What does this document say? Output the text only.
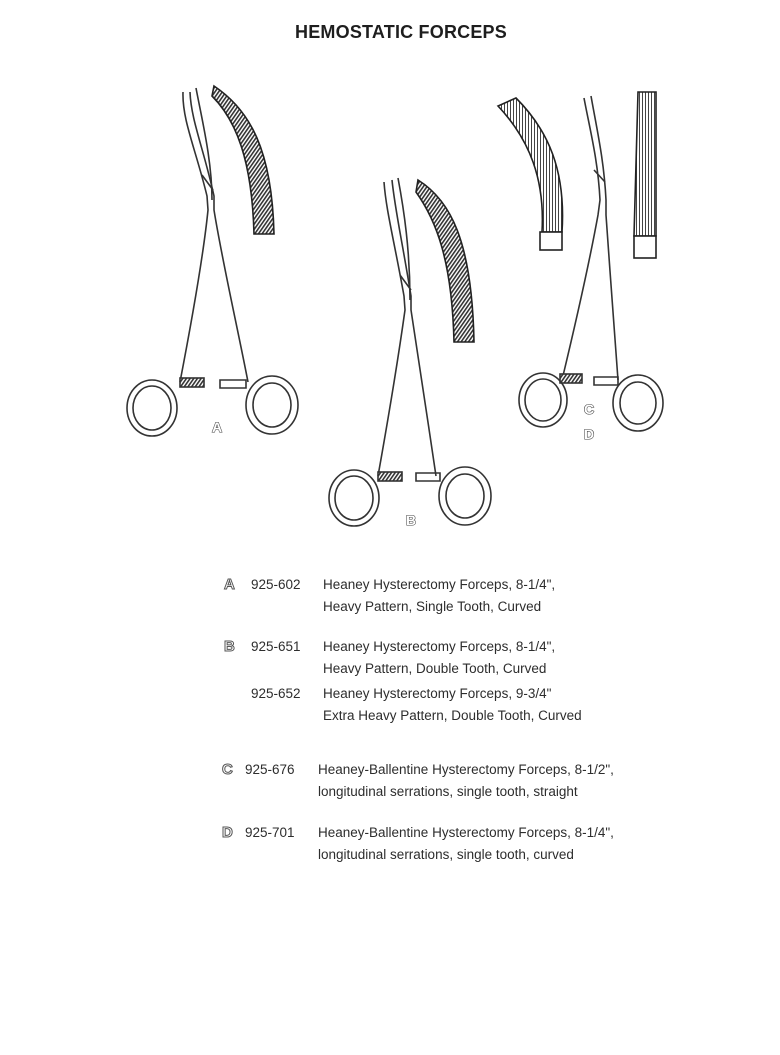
HEMOSTATIC FORCEPS
A
B
C
D
A 925-602 Heaney Hysterectomy Forceps, 8-1/4",
Heavy Pattern, Single Tooth, Curved
B 925-651 Heaney Hysterectomy Forceps, 8-1/4",
Heavy Pattern, Double Tooth, Curved
925-652 Heaney Hysterectomy Forceps, 9-3/4"
Extra Heavy Pattern, Double Tooth, Curved
C 925-676 Heaney-Ballentine Hysterectomy Forceps, 8-1/2",
longitudinal serrations, single tooth, straight
D 925-701 Heaney-Ballentine Hysterectomy Forceps, 8-1/4",
longitudinal serrations, single tooth, curved
